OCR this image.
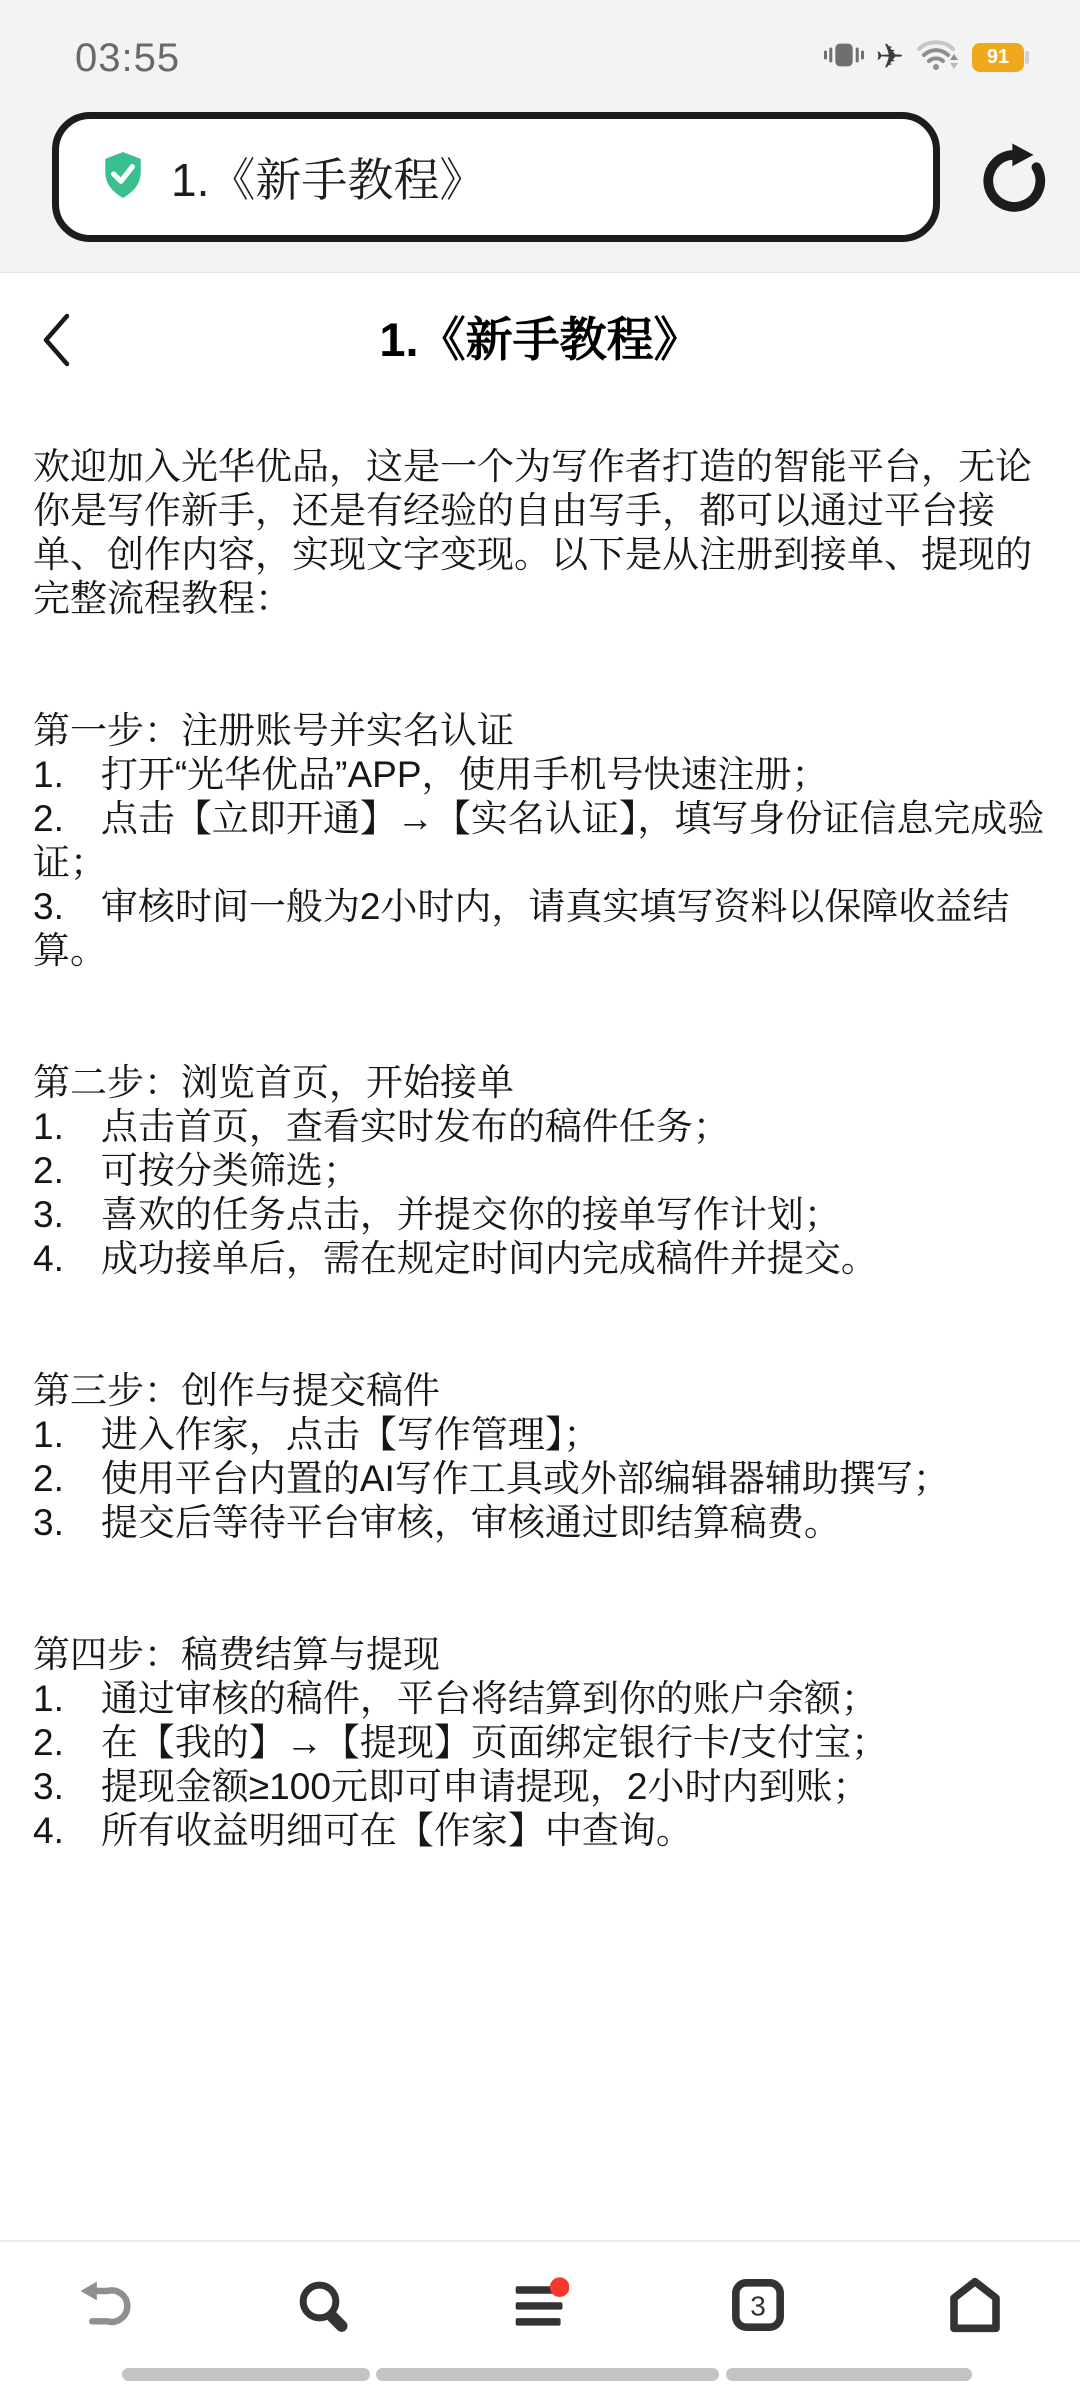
03:55	✈	91
1.《新手教程》
1.《新手教程》

欢迎加入光华优品，这是一个为写作者打造的智能平台，无论你是写作新手，还是有经验的自由写手，都可以通过平台接单、创作内容，实现文字变现。以下是从注册到接单、提现的完整流程教程：

第一步：注册账号并实名认证
1.　打开“光华优品”APP，使用手机号快速注册；
2.　点击【立即开通】→【实名认证】，填写身份证信息完成验证；
3.　审核时间一般为2小时内，请真实填写资料以保障收益结算。
第二步：浏览首页，开始接单
1.　点击首页，查看实时发布的稿件任务；
2.　可按分类筛选；
3.　喜欢的任务点击，并提交你的接单写作计划；
4.　成功接单后，需在规定时间内完成稿件并提交。
第三步：创作与提交稿件
1.　进入作家，点击【写作管理】；
2.　使用平台内置的AI写作工具或外部编辑器辅助撰写；
3.　提交后等待平台审核，审核通过即结算稿费。
第四步：稿费结算与提现
1.　通过审核的稿件，平台将结算到你的账户余额；
2.　在【我的】→【提现】页面绑定银行卡/支付宝；
3.　提现金额≥100元即可申请提现，2小时内到账；
4.　所有收益明细可在【作家】中查询。
3
